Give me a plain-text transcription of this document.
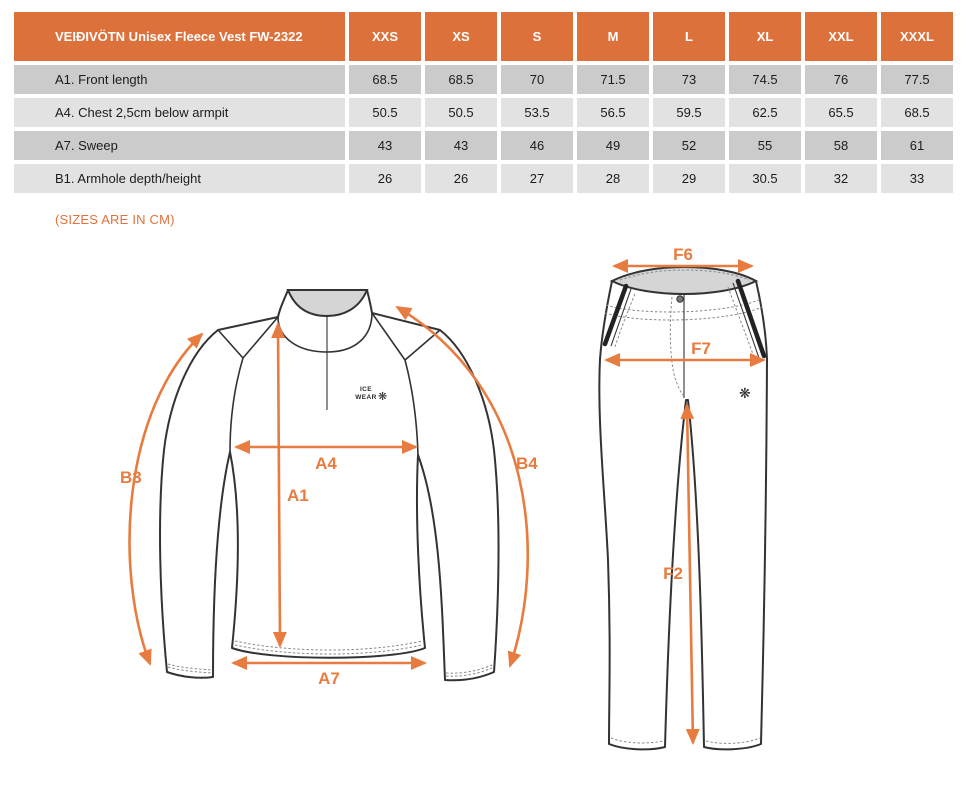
VEIÐIVÖTN Unisex Fleece Vest FW-2322	XXS	XS	S	M	L	XL	XXL	XXXL
A1. Front length	68.5	68.5	70	71.5	73	74.5	76	77.5
A4. Chest 2,5cm below armpit	50.5	50.5	53.5	56.5	59.5	62.5	65.5	68.5
A7. Sweep	43	43	46	49	52	55	58	61
B1. Armhole depth/height	26	26	27	28	29	30.5	32	33
(SIZES ARE IN CM)
ICE
WEAR ❋
B3
A4
A1
B4
A7
❋
F6
F7
F2
